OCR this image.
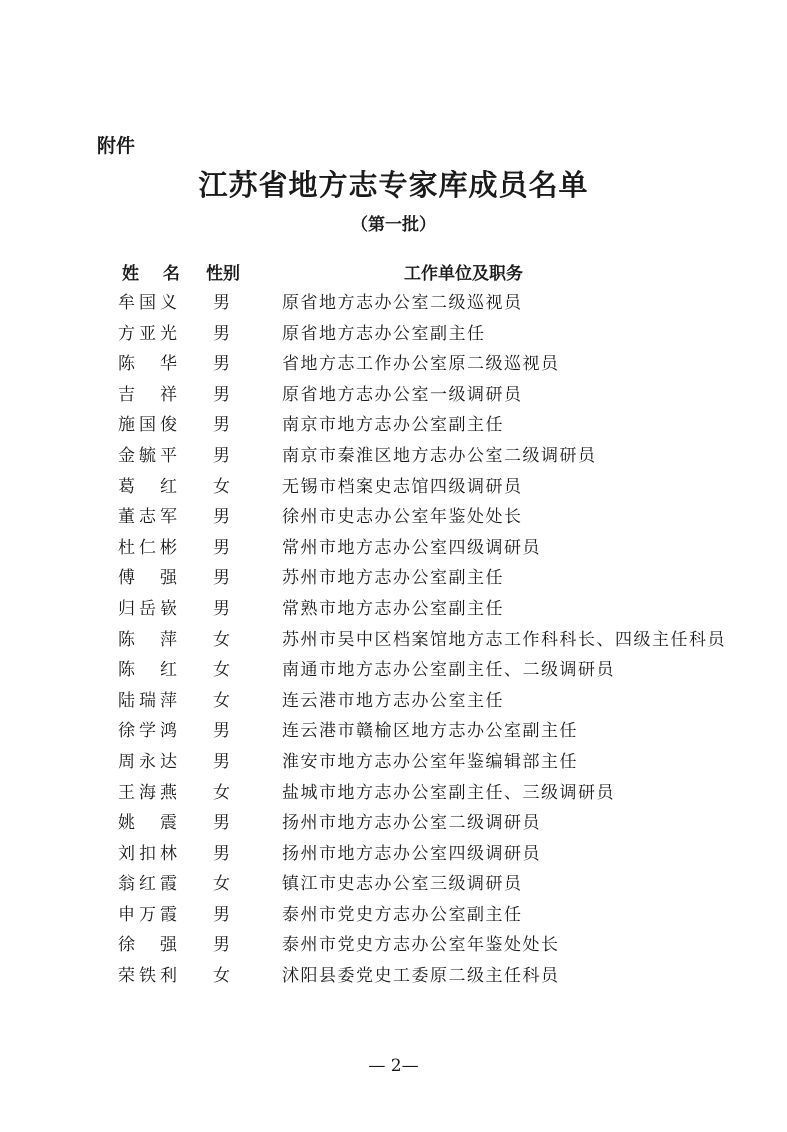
附件
江苏省地方志专家库成员名单
（第一批）
姓 名 性别	工作单位及职务
牟国义 男	原省地方志办公室二级巡视员
方亚光 男	原省地方志办公室副主任
陈 华 男	省地方志工作办公室原二级巡视员
吉 祥 男	原省地方志办公室一级调研员
施国俊 男	南京市地方志办公室副主任
金毓平 男	南京市秦淮区地方志办公室二级调研员
葛 红 女	无锡市档案史志馆四级调研员
董志军 男	徐州市史志办公室年鉴处处长
杜仁彬 男	常州市地方志办公室四级调研员
傅 强 男	苏州市地方志办公室副主任
归岳嵚 男	常熟市地方志办公室副主任
陈 萍 女	苏州市吴中区档案馆地方志工作科科长、四级主任科员
陈 红 女	南通市地方志办公室副主任、二级调研员
陆瑞萍 女	连云港市地方志办公室主任
徐学鸿 男	连云港市赣榆区地方志办公室副主任
周永达 男	淮安市地方志办公室年鉴编辑部主任
王海燕 女	盐城市地方志办公室副主任、三级调研员
姚 震 男	扬州市地方志办公室二级调研员
刘扣林 男	扬州市地方志办公室四级调研员
翁红霞 女	镇江市史志办公室三级调研员
申万霞 男	泰州市党史方志办公室副主任
徐 强 男	泰州市党史方志办公室年鉴处处长
荣铁利 女	沭阳县委党史工委原二级主任科员
— 2—
